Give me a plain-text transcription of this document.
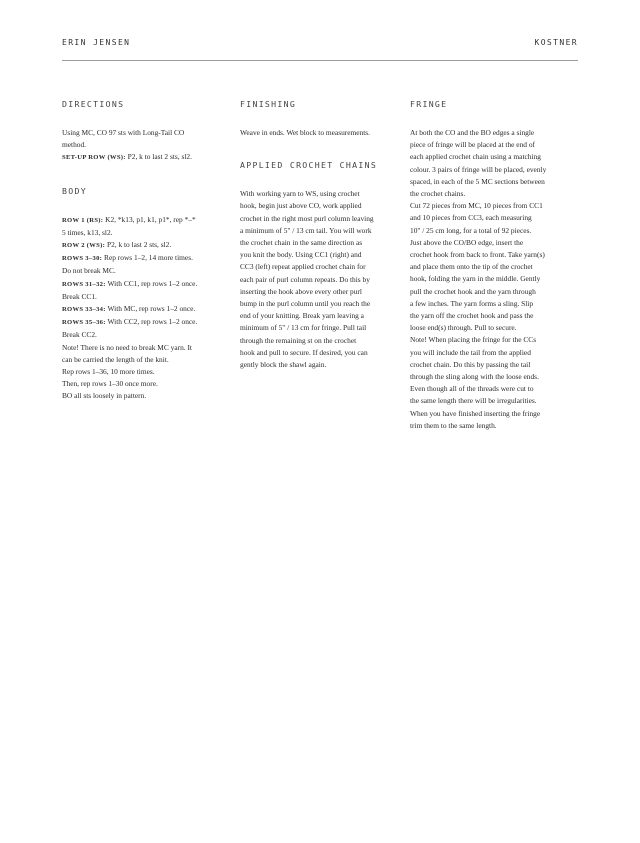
ERIN JENSEN	KOSTNER
DIRECTIONS

Using MC, CO 97 sts with Long-Tail CO

method.

SET-UP ROW (WS): P2, k to last 2 sts, sl2.

BODY

ROW 1 (RS): K2, *k13, p1, k1, p1*, rep *–*

5 times, k13, sl2.

ROW 2 (WS): P2, k to last 2 sts, sl2.

ROWS 3–30: Rep rows 1–2, 14 more times.

Do not break MC.

ROWS 31–32: With CC1, rep rows 1–2 once.

Break CC1.

ROWS 33–34: With MC, rep rows 1–2 once.

ROWS 35–36: With CC2, rep rows 1–2 once.

Break CC2.

Note! There is no need to break MC yarn. It

can be carried the length of the knit.

Rep rows 1–36, 10 more times.

Then, rep rows 1–30 once more.

BO all sts loosely in pattern.

FINISHING

Weave in ends. Wet block to measurements.

APPLIED CROCHET CHAINS

With working yarn to WS, using crochet

hook, begin just above CO, work applied

crochet in the right most purl column leaving

a minimum of 5" / 13 cm tail. You will work

the crochet chain in the same direction as

you knit the body. Using CC1 (right) and

CC3 (left) repeat applied crochet chain for

each pair of purl column repeats. Do this by

inserting the hook above every other purl

bump in the purl column until you reach the

end of your knitting. Break yarn leaving a

minimum of 5" / 13 cm for fringe. Pull tail

through the remaining st on the crochet

hook and pull to secure. If desired, you can

gently block the shawl again.

FRINGE

At both the CO and the BO edges a single

piece of fringe will be placed at the end of

each applied crochet chain using a matching

colour. 3 pairs of fringe will be placed, evenly

spaced, in each of the 5 MC sections between

the crochet chains.

Cut 72 pieces from MC, 10 pieces from CC1

and 10 pieces from CC3, each measuring

10" / 25 cm long, for a total of 92 pieces.

Just above the CO/BO edge, insert the

crochet hook from back to front. Take yarn(s)

and place them onto the tip of the crochet

hook, folding the yarn in the middle. Gently

pull the crochet hook and the yarn through

a few inches. The yarn forms a sling. Slip

the yarn off the crochet hook and pass the

loose end(s) through. Pull to secure.

Note! When placing the fringe for the CCs

you will include the tail from the applied

crochet chain. Do this by passing the tail

through the sling along with the loose ends.

Even though all of the threads were cut to

the same length there will be irregularities.

When you have finished inserting the fringe

trim them to the same length.
